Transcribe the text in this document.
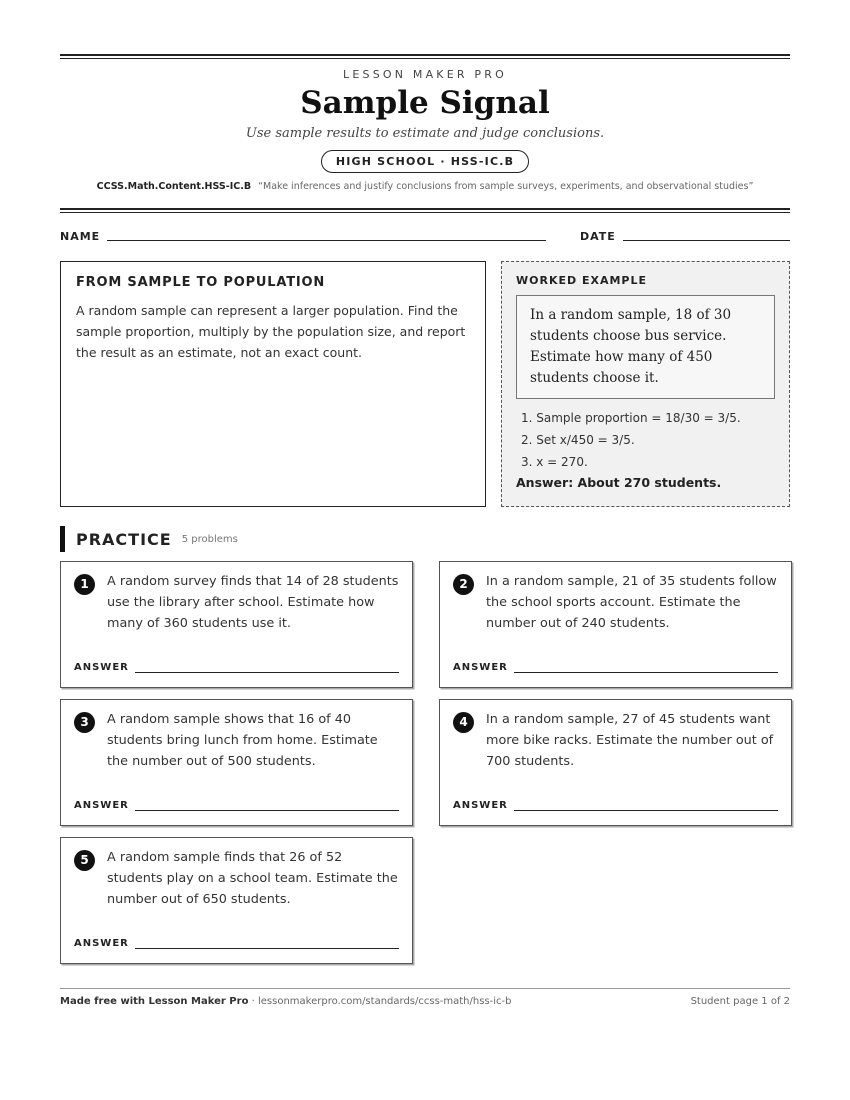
LESSON MAKER PRO
Sample Signal
Use sample results to estimate and judge conclusions.
HIGH SCHOOL · HSS-IC.B
CCSS.Math.Content.HSS-IC.B “Make inferences and justify conclusions from sample surveys, experiments, and observational studies”
NAME	DATE
FROM SAMPLE TO POPULATION

A random sample can represent a larger population. Find the sample proportion, multiply by the population size, and report the result as an estimate, not an exact count.

WORKED EXAMPLE
In a random sample, 18 of 30 students choose bus service. Estimate how many of 450 students choose it.
1. Sample proportion = 18/30 = 3/5.
2. Set x/450 = 3/5.
3. x = 270.
Answer: About 270 students.
PRACTICE 5 problems
1	A random survey finds that 14 of 28 students use the library after school. Estimate how many of 360 students use it.
ANSWER
2	In a random sample, 21 of 35 students follow the school sports account. Estimate the number out of 240 students.
ANSWER
3	A random sample shows that 16 of 40 students bring lunch from home. Estimate the number out of 500 students.
ANSWER
4	In a random sample, 27 of 45 students want more bike racks. Estimate the number out of 700 students.
ANSWER
5	A random sample finds that 26 of 52 students play on a school team. Estimate the number out of 650 students.
ANSWER
Made free with Lesson Maker Pro · lessonmakerpro.com/standards/ccss-math/hss-ic-b	Student page 1 of 2
